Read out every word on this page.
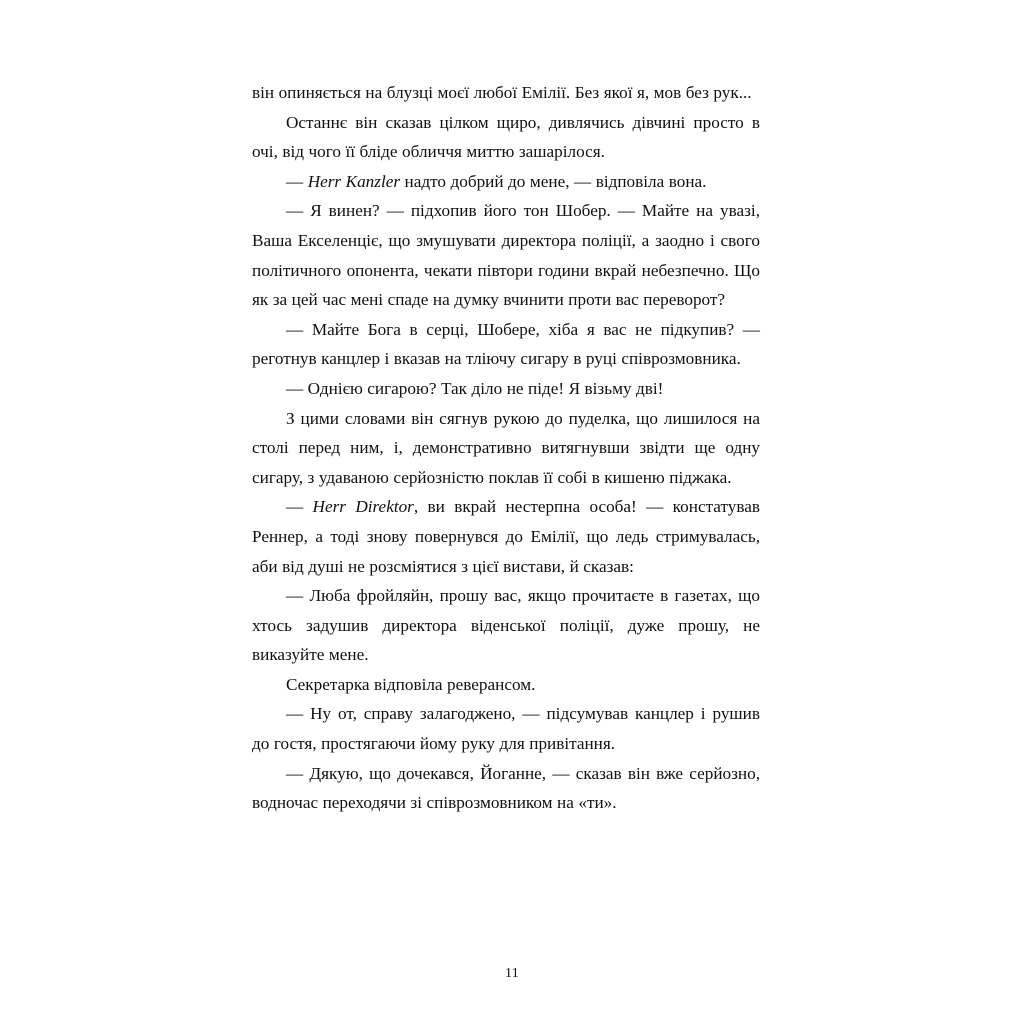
він опиняється на блузці моєї любої Емілії. Без якої я, мов без рук...

Останнє він сказав цілком щиро, дивлячись дівчині просто в очі, від чого її бліде обличчя миттю зашарілося.

— Herr Kanzler надто добрий до мене, — відповіла вона.

— Я винен? — підхопив його тон Шобер. — Майте на увазі, Ваша Екселенціє, що змушувати директора поліції, а заодно і свого політичного опонента, чекати півтори години вкрай небезпечно. Що як за цей час мені спаде на думку вчинити проти вас переворот?

— Майте Бога в серці, Шобере, хіба я вас не підкупив? — реготнув канцлер і вказав на тліючу сигару в руці співрозмовника.

— Однією сигарою? Так діло не піде! Я візьму дві!

З цими словами він сягнув рукою до пуделка, що лишилося на столі перед ним, і, демонстративно витягнувши звідти ще одну сигару, з удаваною серйозністю поклав її собі в кишеню піджака.

— Herr Direktor, ви вкрай нестерпна особа! — констатував Реннер, а тоді знову повернувся до Емілії, що ледь стримувалась, аби від душі не розсміятися з цієї вистави, й сказав:

— Люба фройляйн, прошу вас, якщо прочитаєте в газетах, що хтось задушив директора віденської поліції, дуже прошу, не виказуйте мене.

Секретарка відповіла реверансом.

— Ну от, справу залагоджено, — підсумував канцлер і рушив до гостя, простягаючи йому руку для привітання.

— Дякую, що дочекався, Йоганне, — сказав він вже серйозно, водночас переходячи зі співрозмовником на «ти».

11
